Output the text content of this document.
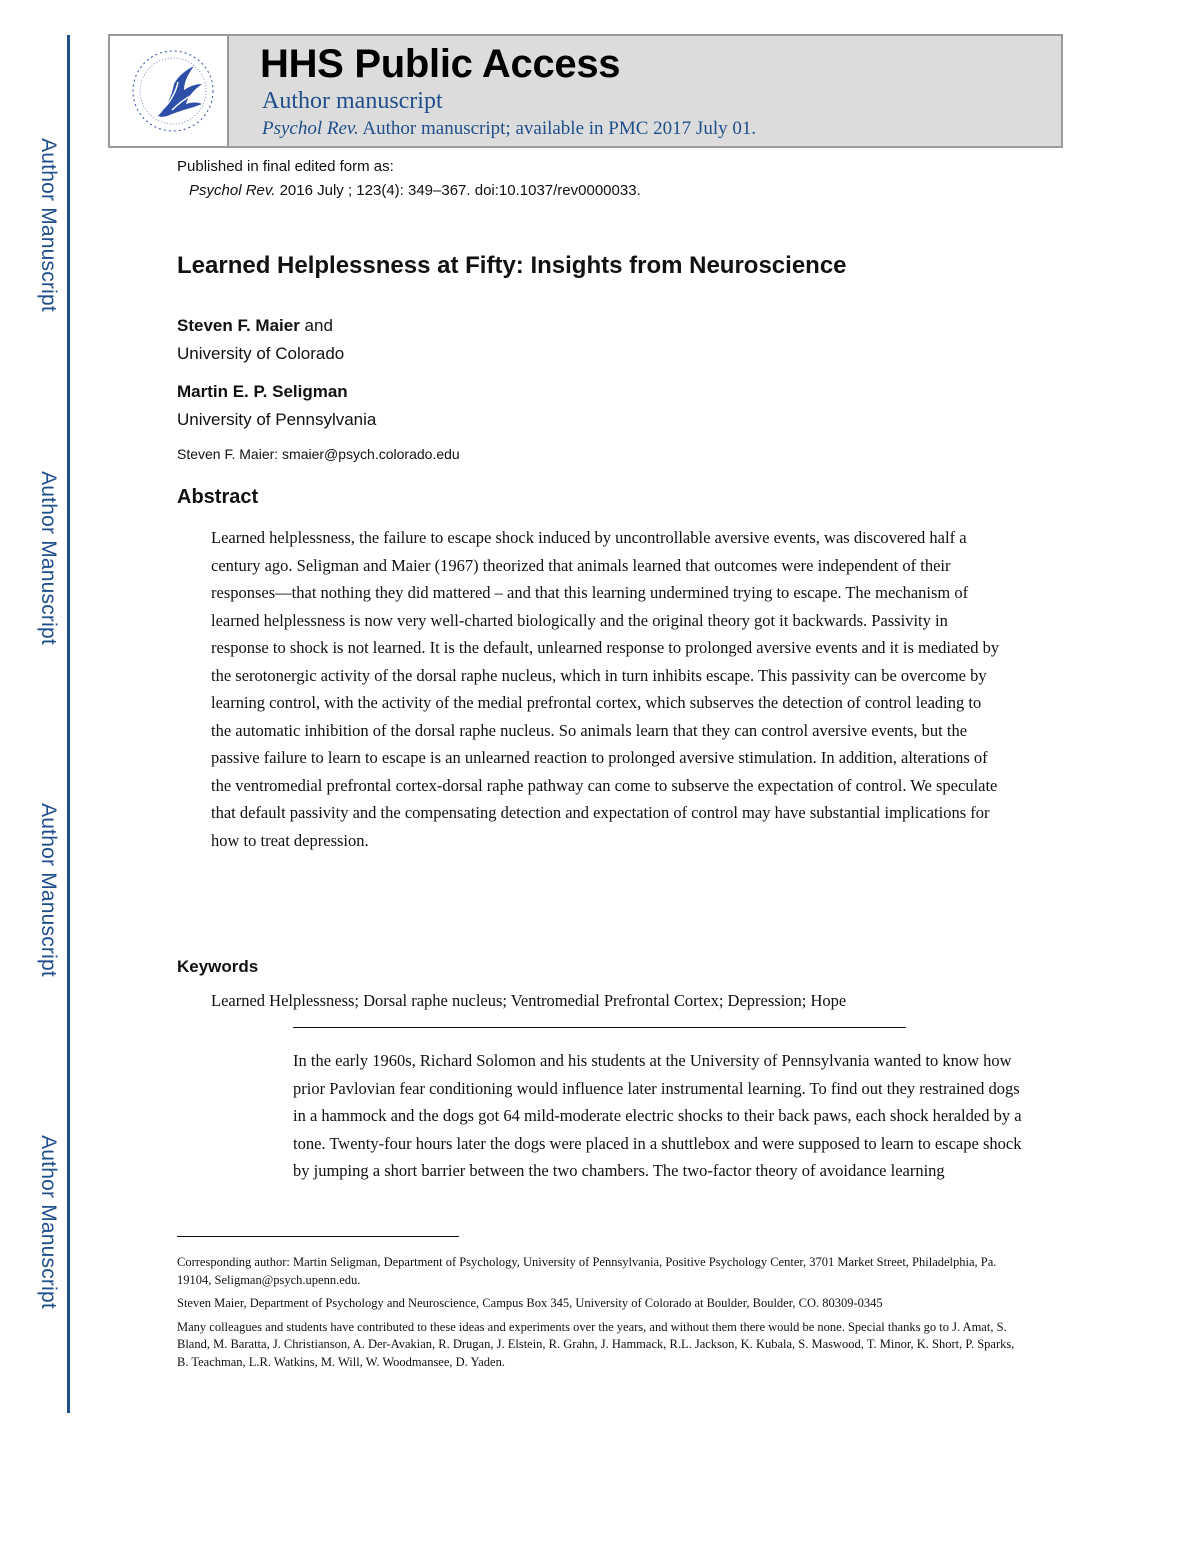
Author Manuscript
Author Manuscript
Author Manuscript
Author Manuscript
HHS Public Access
Author manuscript
Psychol Rev. Author manuscript; available in PMC 2017 July 01.
Published in final edited form as:
Psychol Rev. 2016 July ; 123(4): 349–367. doi:10.1037/rev0000033.
Learned Helplessness at Fifty: Insights from Neuroscience
Steven F. Maier and
University of Colorado
Martin E. P. Seligman
University of Pennsylvania
Steven F. Maier: smaier@psych.colorado.edu
Abstract

Learned helplessness, the failure to escape shock induced by uncontrollable aversive events, was discovered half a century ago. Seligman and Maier (1967) theorized that animals learned that outcomes were independent of their responses—that nothing they did mattered – and that this learning undermined trying to escape. The mechanism of learned helplessness is now very well-charted biologically and the original theory got it backwards. Passivity in response to shock is not learned. It is the default, unlearned response to prolonged aversive events and it is mediated by the serotonergic activity of the dorsal raphe nucleus, which in turn inhibits escape. This passivity can be overcome by learning control, with the activity of the medial prefrontal cortex, which subserves the detection of control leading to the automatic inhibition of the dorsal raphe nucleus. So animals learn that they can control aversive events, but the passive failure to learn to escape is an unlearned reaction to prolonged aversive stimulation. In addition, alterations of the ventromedial prefrontal cortex-dorsal raphe pathway can come to subserve the expectation of control. We speculate that default passivity and the compensating detection and expectation of control may have substantial implications for how to treat depression.

Keywords
Learned Helplessness; Dorsal raphe nucleus; Ventromedial Prefrontal Cortex; Depression; Hope

In the early 1960s, Richard Solomon and his students at the University of Pennsylvania wanted to know how prior Pavlovian fear conditioning would influence later instrumental learning. To find out they restrained dogs in a hammock and the dogs got 64 mild-moderate electric shocks to their back paws, each shock heralded by a tone. Twenty-four hours later the dogs were placed in a shuttlebox and were supposed to learn to escape shock by jumping a short barrier between the two chambers. The two-factor theory of avoidance learning

Corresponding author: Martin Seligman, Department of Psychology, University of Pennsylvania, Positive Psychology Center, 3701 Market Street, Philadelphia, Pa. 19104, Seligman@psych.upenn.edu.

Steven Maier, Department of Psychology and Neuroscience, Campus Box 345, University of Colorado at Boulder, Boulder, CO. 80309-0345

Many colleagues and students have contributed to these ideas and experiments over the years, and without them there would be none. Special thanks go to J. Amat, S. Bland, M. Baratta, J. Christianson, A. Der-Avakian, R. Drugan, J. Elstein, R. Grahn, J. Hammack, R.L. Jackson, K. Kubala, S. Maswood, T. Minor, K. Short, P. Sparks, B. Teachman, L.R. Watkins, M. Will, W. Woodmansee, D. Yaden.
